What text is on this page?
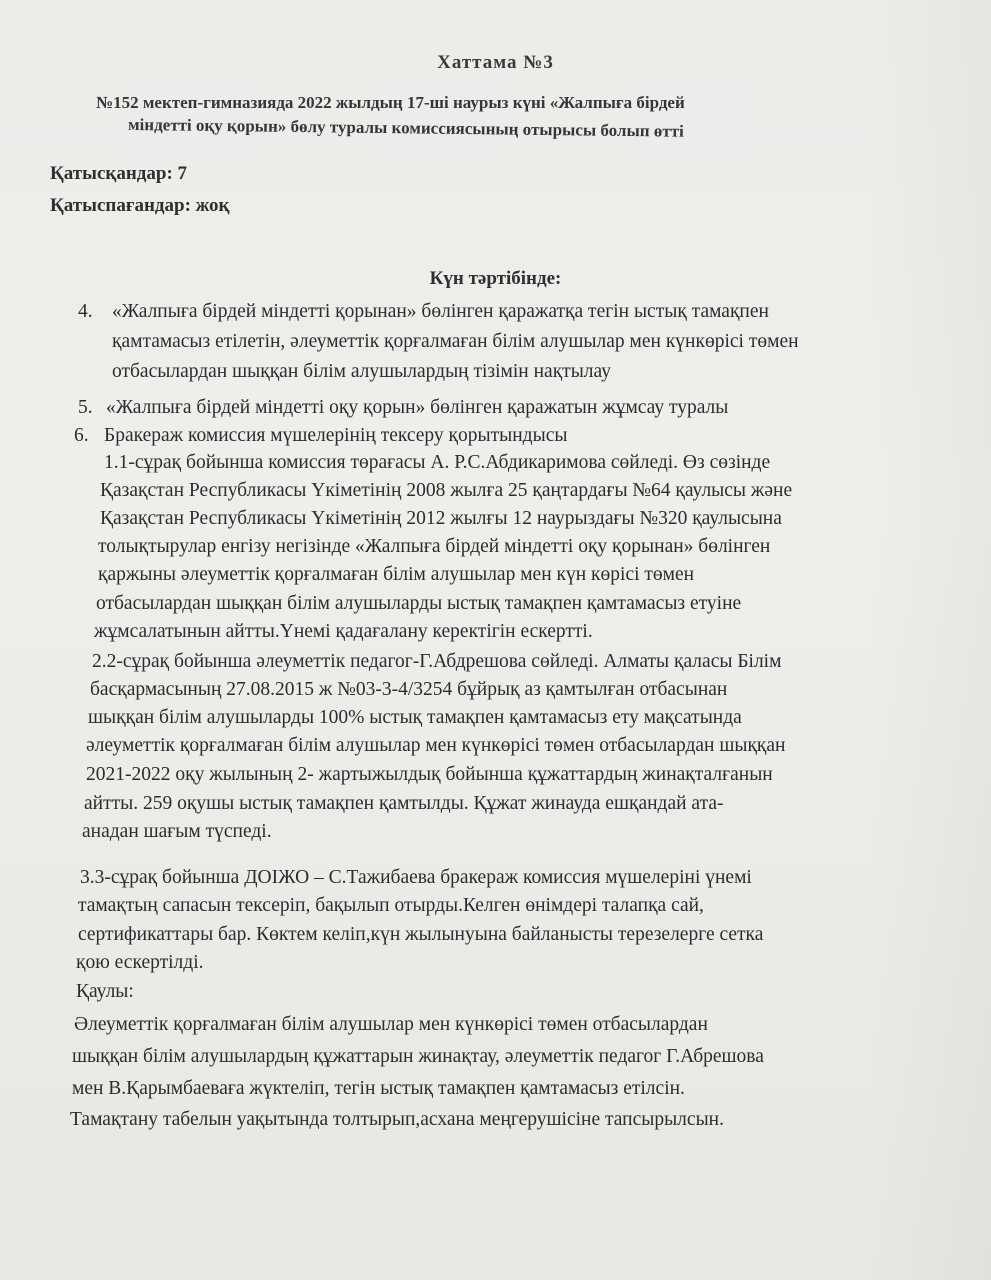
Хаттама №3
№152 мектеп-гимназияда 2022 жылдың 17-ші наурыз күні «Жалпыға бірдей
міндетті оқу қорын» бөлу туралы комиссиясының отырысы болып өтті
Қатысқандар: 7
Қатыспағандар: жоқ
Күн тәртібінде:
4. «Жалпыға бірдей міндетті қорынан» бөлінген қаражатқа тегін ыстық тамақпен
қамтамасыз етілетін, әлеуметтік қорғалмаған білім алушылар мен күнкөрісі төмен
отбасылардан шыққан білім алушылардың тізімін нақтылау
5. «Жалпыға бірдей міндетті оқу қорын» бөлінген қаражатын жұмсау туралы
6. Бракераж комиссия мүшелерінің тексеру қорытындысы
1.1-сұрақ бойынша комиссия төрағасы А. Р.С.Абдикаримова сөйледі. Өз сөзінде
Қазақстан Республикасы Үкіметінің 2008 жылға 25 қаңтардағы №64 қаулысы және
Қазақстан Республикасы Үкіметінің 2012 жылғы 12 наурыздағы №320 қаулысына
толықтырулар енгізу негізінде «Жалпыға бірдей міндетті оқу қорынан» бөлінген
қаржыны әлеуметтік қорғалмаған білім алушылар мен күн көрісі төмен
отбасылардан шыққан білім алушыларды ыстық тамақпен қамтамасыз етуіне
жұмсалатынын айтты.Үнемі қадағалану керектігін ескертті.
2.2-сұрақ бойынша әлеуметтік педагог-Г.Абдрешова сөйледі. Алматы қаласы Білім
басқармасының 27.08.2015 ж №03-3-4/3254 бұйрық аз қамтылған отбасынан
шыққан білім алушыларды 100% ыстық тамақпен қамтамасыз ету мақсатында
әлеуметтік қорғалмаған білім алушылар мен күнкөрісі төмен отбасылардан шыққан
2021-2022 оқу жылының 2- жартыжылдық бойынша құжаттардың жинақталғанын
айтты. 259 оқушы ыстық тамақпен қамтылды. Құжат жинауда ешқандай ата-
анадан шағым түспеді.
3.3-сұрақ бойынша ДОІЖО – С.Тажибаева бракераж комиссия мүшелеріні үнемі
тамақтың сапасын тексеріп, бақылып отырды.Келген өнімдері талапқа сай,
сертификаттары бар. Көктем келіп,күн жылынуына байланысты терезелерге сетка
қою ескертілді.
Қаулы:
Әлеуметтік қорғалмаған білім алушылар мен күнкөрісі төмен отбасылардан
шыққан білім алушылардың құжаттарын жинақтау, әлеуметтік педагог Г.Абрешова
мен В.Қарымбаеваға жүктеліп, тегін ыстық тамақпен қамтамасыз етілсін.
Тамақтану табелын уақытында толтырып,асхана меңгерушісіне тапсырылсын.
